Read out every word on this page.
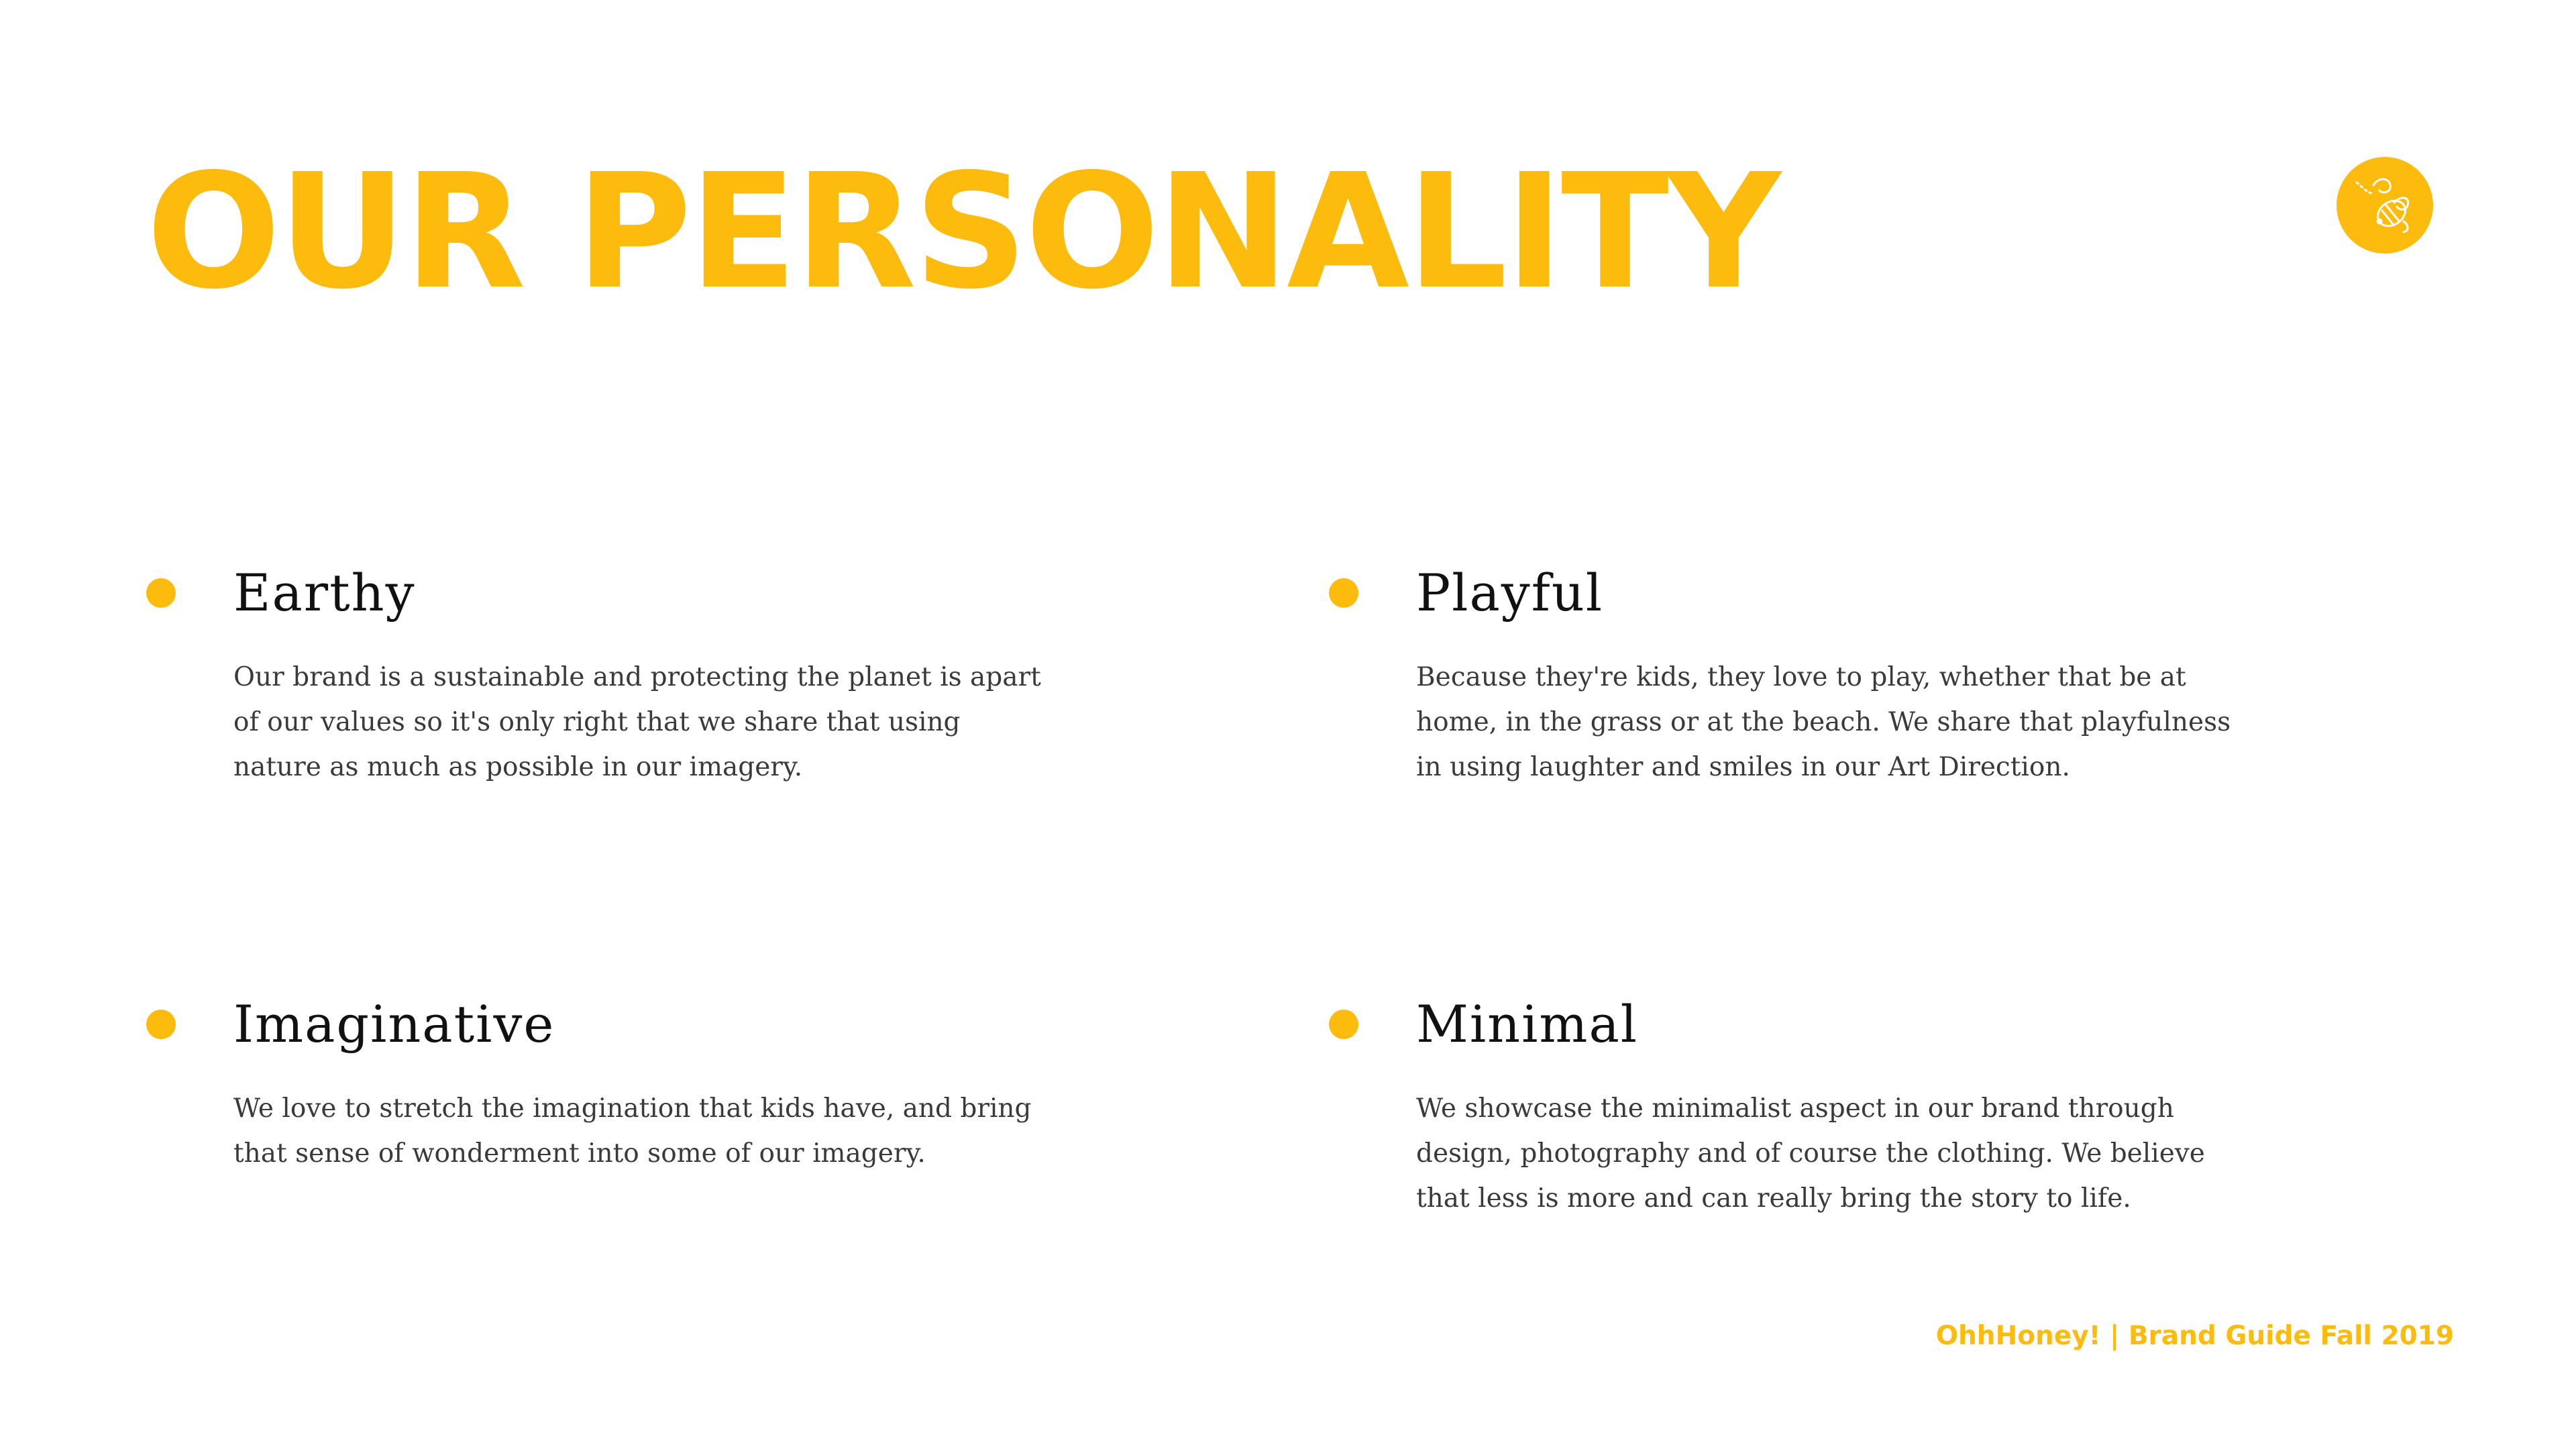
OUR PERSONALITY
Earthy

Our brand is a sustainable and protecting the planet is apart of our values so it's only right that we share that using nature as much as possible in our imagery.

Playful

Because they're kids, they love to play, whether that be at home, in the grass or at the beach. We share that playfulness in using laughter and smiles in our Art Direction.

Imaginative

We love to stretch the imagination that kids have, and bring that sense of wonderment into some of our imagery.

Minimal

We showcase the minimalist aspect in our brand through design, photography and of course the clothing. We believe that less is more and can really bring the story to life.

OhhHoney! | Brand Guide Fall 2019
